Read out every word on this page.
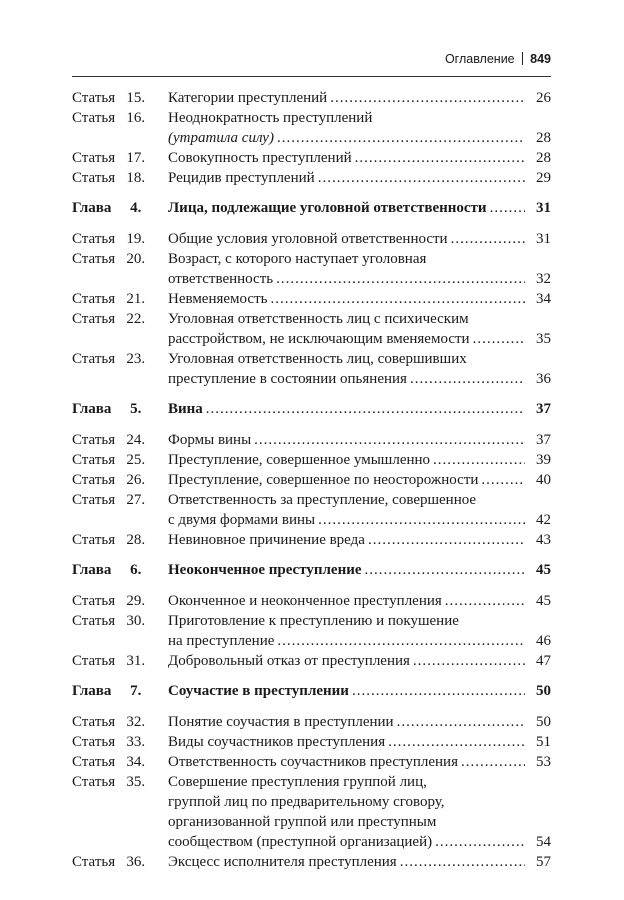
Оглавление 849
Статья 15.	Категории преступлений .....	26
Статья 16.	Неоднократность преступлений
(утратила силу) .....	28
Статья 17.	Совокупность преступлений .....	28
Статья 18.	Рецидив преступлений .....	29
Глава 4.	Лица, подлежащие уголовной ответственности .....	31
Статья 19.	Общие условия уголовной ответственности .....	31
Статья 20.	Возраст, с которого наступает уголовная
ответственность .....	32
Статья 21.	Невменяемость .....	34
Статья 22.	Уголовная ответственность лиц с психическим
расстройством, не исключающим вменяемости .....	35
Статья 23.	Уголовная ответственность лиц, совершивших
преступление в состоянии опьянения .....	36
Глава 5.	Вина .....	37
Статья 24.	Формы вины .....	37
Статья 25.	Преступление, совершенное умышленно .....	39
Статья 26.	Преступление, совершенное по неосторожности .....	40
Статья 27.	Ответственность за преступление, совершенное
с двумя формами вины .....	42
Статья 28.	Невиновное причинение вреда .....	43
Глава 6.	Неоконченное преступление .....	45
Статья 29.	Оконченное и неоконченное преступления .....	45
Статья 30.	Приготовление к преступлению и покушение
на преступление .....	46
Статья 31.	Добровольный отказ от преступления .....	47
Глава 7.	Соучастие в преступлении .....	50
Статья 32.	Понятие соучастия в преступлении .....	50
Статья 33.	Виды соучастников преступления .....	51
Статья 34.	Ответственность соучастников преступления .....	53
Статья 35.	Совершение преступления группой лиц,
группой лиц по предварительному сговору,
организованной группой или преступным
сообществом (преступной организацией) .....	54
Статья 36.	Эксцесс исполнителя преступления .....	57
